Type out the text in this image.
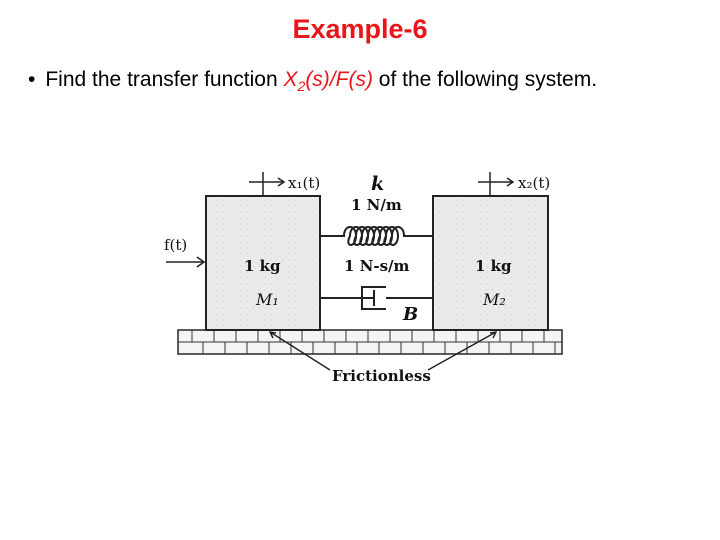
Example-6
• Find the transfer function $X_2(s)/F(s)$ of the following system.
x₁(t)	x₂(t)
f(t)
k
1 N/m
1 N-s/m
B
1 kg
M₁
1 kg
M₂
Frictionless
